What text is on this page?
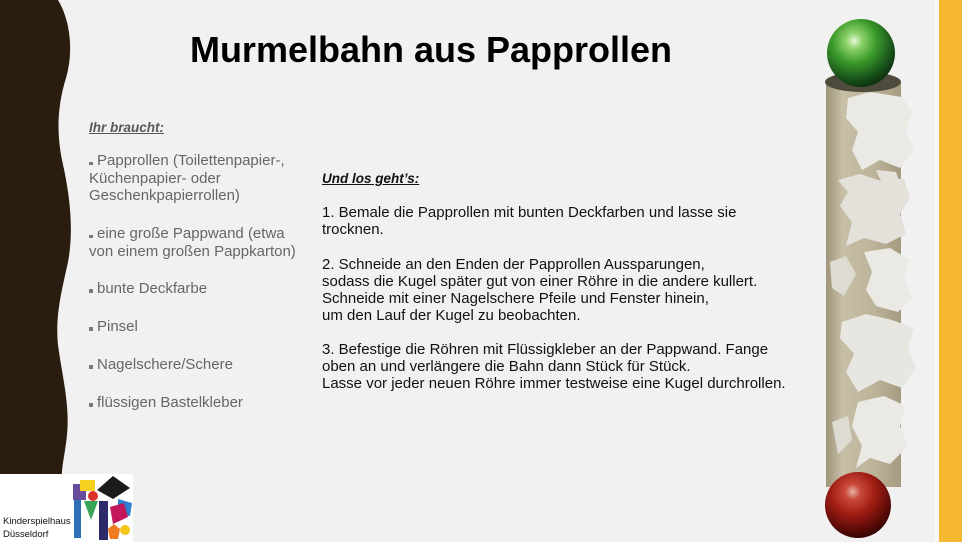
Murmelbahn aus Papprollen
Ihr braucht:
Papprollen (Toilettenpapier-,
Küchenpapier- oder
Geschenkpapierrollen)
eine große Pappwand (etwa
von einem großen Pappkarton)
bunte Deckfarbe
Pinsel
Nagelschere/Schere
flüssigen Bastelkleber
Und los geht’s:
1. Bemale die Papprollen mit bunten Deckfarben und lasse sie
trocknen.
2. Schneide an den Enden der Papprollen Aussparungen,
sodass die Kugel später gut von einer Röhre in die andere kullert.
Schneide mit einer Nagelschere Pfeile und Fenster hinein,
um den Lauf der Kugel zu beobachten.
3. Befestige die Röhren mit Flüssigkleber an der Pappwand. Fange
oben an und verlängere die Bahn dann Stück für Stück.
Lasse vor jeder neuen Röhre immer testweise eine Kugel durchrollen.
Kinderspielhaus
Düsseldorf
